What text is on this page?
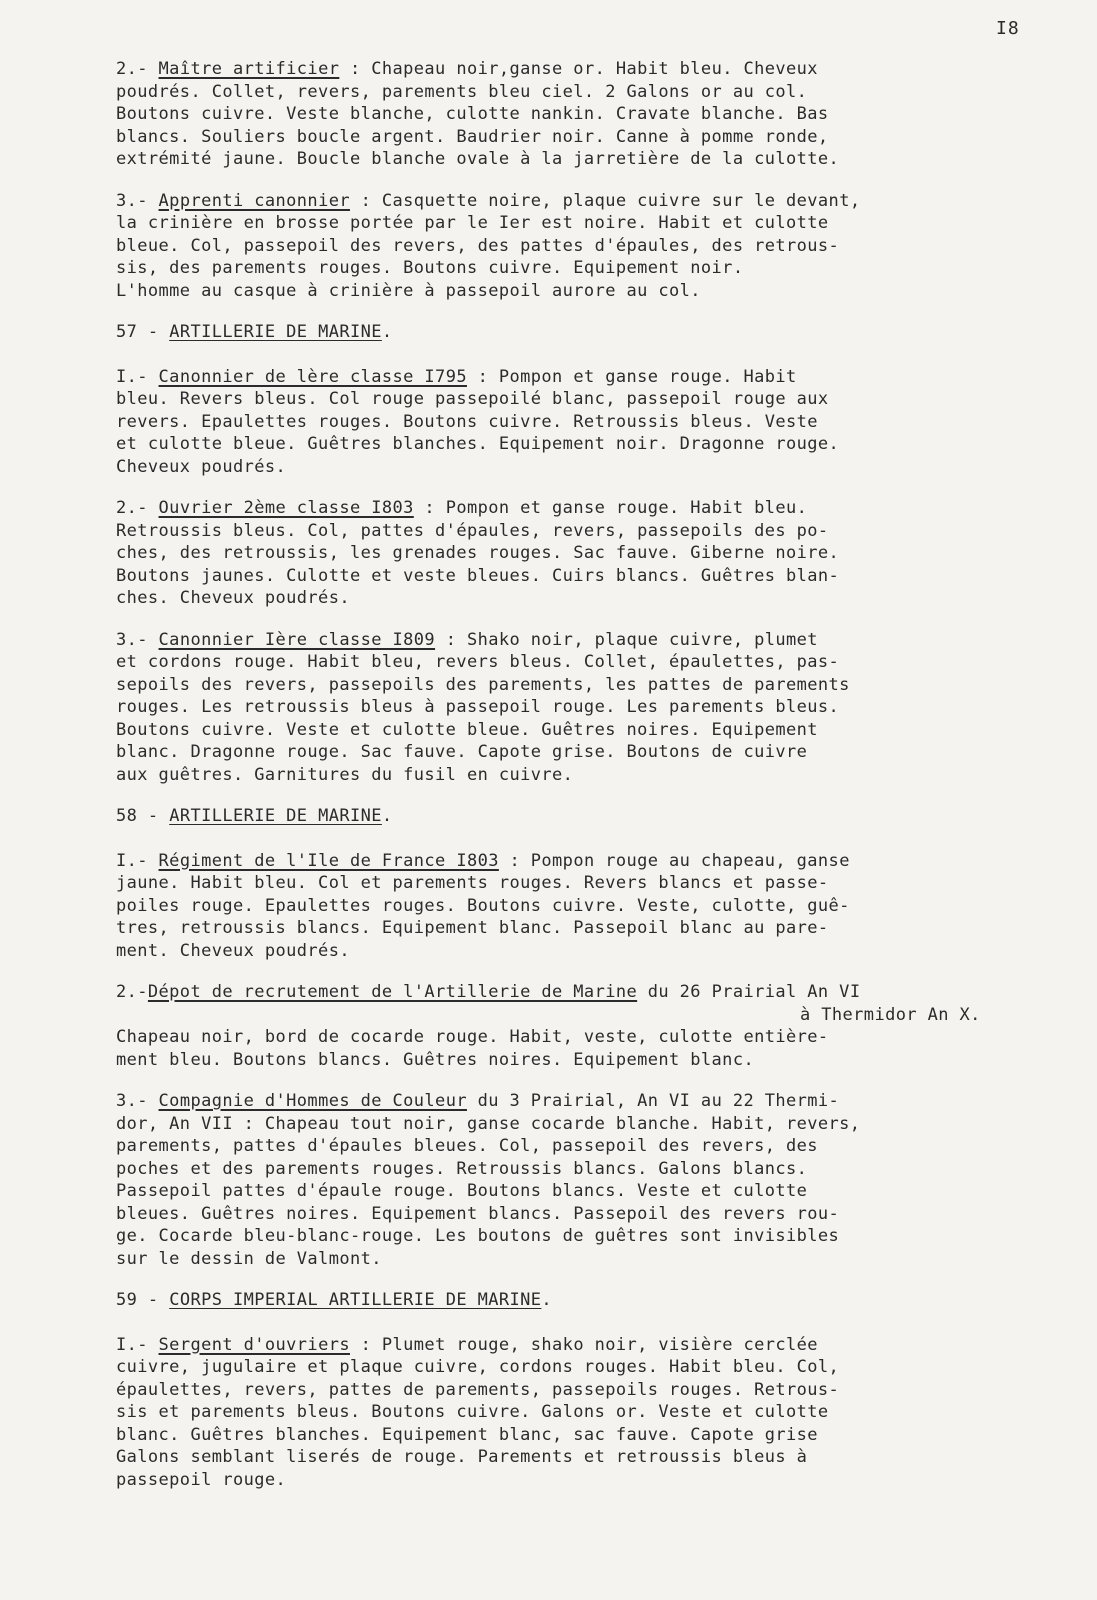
I8
2.- Maître artificier : Chapeau noir,ganse or. Habit bleu. Cheveux
poudrés. Collet, revers, parements bleu ciel. 2 Galons or au col.
Boutons cuivre. Veste blanche, culotte nankin. Cravate blanche. Bas
blancs. Souliers boucle argent. Baudrier noir. Canne à pomme ronde,
extrémité jaune. Boucle blanche ovale à la jarretière de la culotte.
3.- Apprenti canonnier : Casquette noire, plaque cuivre sur le devant,
la crinière en brosse portée par le Ier est noire. Habit et culotte
bleue. Col, passepoil des revers, des pattes d'épaules, des retrous-
sis, des parements rouges. Boutons cuivre. Equipement noir.
L'homme au casque à crinière à passepoil aurore au col.
57 - ARTILLERIE DE MARINE.
I.- Canonnier de lère classe I795 : Pompon et ganse rouge. Habit
bleu. Revers bleus. Col rouge passepoilé blanc, passepoil rouge aux
revers. Epaulettes rouges. Boutons cuivre. Retroussis bleus. Veste
et culotte bleue. Guêtres blanches. Equipement noir. Dragonne rouge.
Cheveux poudrés.
2.- Ouvrier 2ème classe I803 : Pompon et ganse rouge. Habit bleu.
Retroussis bleus. Col, pattes d'épaules, revers, passepoils des po-
ches, des retroussis, les grenades rouges. Sac fauve. Giberne noire.
Boutons jaunes. Culotte et veste bleues. Cuirs blancs. Guêtres blan-
ches. Cheveux poudrés.
3.- Canonnier Ière classe I809 : Shako noir, plaque cuivre, plumet
et cordons rouge. Habit bleu, revers bleus. Collet, épaulettes, pas-
sepoils des revers, passepoils des parements, les pattes de parements
rouges. Les retroussis bleus à passepoil rouge. Les parements bleus.
Boutons cuivre. Veste et culotte bleue. Guêtres noires. Equipement
blanc. Dragonne rouge. Sac fauve. Capote grise. Boutons de cuivre
aux guêtres. Garnitures du fusil en cuivre.
58 - ARTILLERIE DE MARINE.
I.- Régiment de l'Ile de France I803 : Pompon rouge au chapeau, ganse
jaune. Habit bleu. Col et parements rouges. Revers blancs et passe-
poiles rouge. Epaulettes rouges. Boutons cuivre. Veste, culotte, guê-
tres, retroussis blancs. Equipement blanc. Passepoil blanc au pare-
ment. Cheveux poudrés.
2.-Dépot de recrutement de l'Artillerie de Marine du 26 Prairial An VI
à Thermidor An X.
Chapeau noir, bord de cocarde rouge. Habit, veste, culotte entière-
ment bleu. Boutons blancs. Guêtres noires. Equipement blanc.
3.- Compagnie d'Hommes de Couleur du 3 Prairial, An VI au 22 Thermi-
dor, An VII : Chapeau tout noir, ganse cocarde blanche. Habit, revers,
parements, pattes d'épaules bleues. Col, passepoil des revers, des
poches et des parements rouges. Retroussis blancs. Galons blancs.
Passepoil pattes d'épaule rouge. Boutons blancs. Veste et culotte
bleues. Guêtres noires. Equipement blancs. Passepoil des revers rou-
ge. Cocarde bleu-blanc-rouge. Les boutons de guêtres sont invisibles
sur le dessin de Valmont.
59 - CORPS IMPERIAL ARTILLERIE DE MARINE.
I.- Sergent d'ouvriers : Plumet rouge, shako noir, visière cerclée
cuivre, jugulaire et plaque cuivre, cordons rouges. Habit bleu. Col,
épaulettes, revers, pattes de parements, passepoils rouges. Retrous-
sis et parements bleus. Boutons cuivre. Galons or. Veste et culotte
blanc. Guêtres blanches. Equipement blanc, sac fauve. Capote grise
Galons semblant liserés de rouge. Parements et retroussis bleus à
passepoil rouge.
